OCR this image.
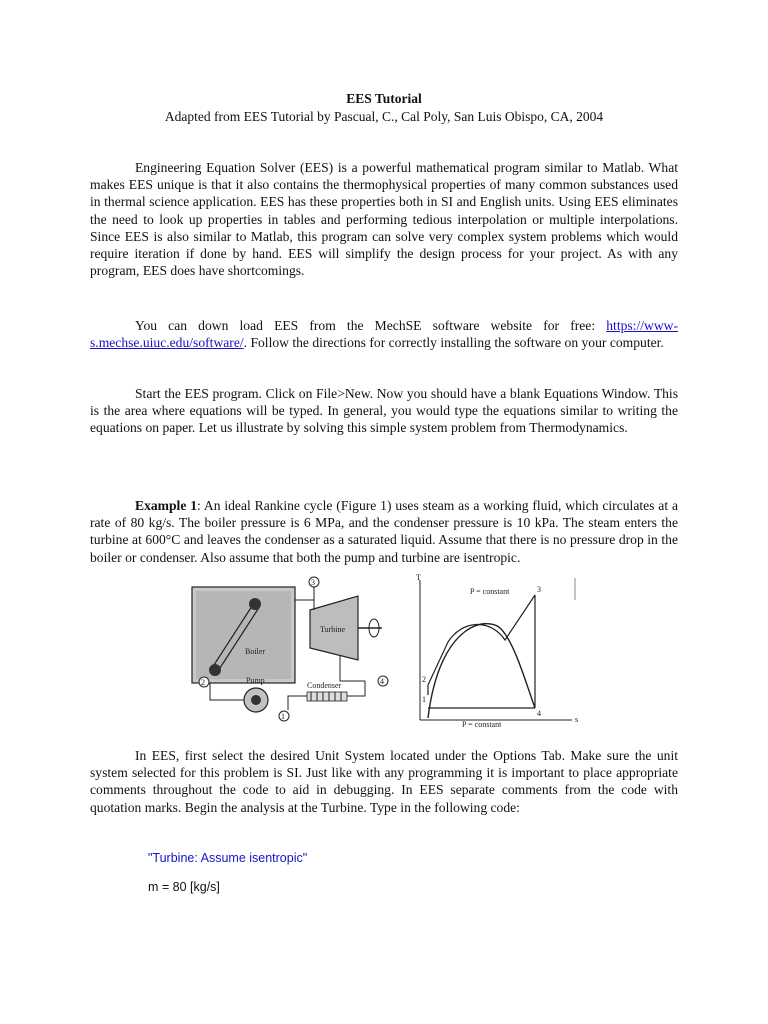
EES Tutorial
Adapted from EES Tutorial by Pascual, C., Cal Poly, San Luis Obispo, CA, 2004

Engineering Equation Solver (EES) is a powerful mathematical program similar to Matlab. What makes EES unique is that it also contains the thermophysical properties of many common substances used in thermal science application. EES has these properties both in SI and English units. Using EES eliminates the need to look up properties in tables and performing tedious interpolation or multiple interpolations. Since EES is also similar to Matlab, this program can solve very complex system problems which would require iteration if done by hand. EES will simplify the design process for your project. As with any program, EES does have shortcomings.

You can down load EES from the MechSE software website for free: https://www-s.mechse.uiuc.edu/software/. Follow the directions for correctly installing the software on your computer.

Start the EES program. Click on File>New. Now you should have a blank Equations Window. This is the area where equations will be typed. In general, you would type the equations similar to writing the equations on paper. Let us illustrate by solving this simple system problem from Thermodynamics.

Example 1: An ideal Rankine cycle (Figure 1) uses steam as a working fluid, which circulates at a rate of 80 kg/s. The boiler pressure is 6 MPa, and the condenser pressure is 10 kPa. The steam enters the turbine at 600°C and leaves the condenser as a saturated liquid. Assume that there is no pressure drop in the boiler or condenser. Also assume that both the pump and turbine are isentropic.

Boiler
Turbine
3
4
Condenser
1
Pump
2
T
s
3
4
2
1
P = constant
P = constant

In EES, first select the desired Unit System located under the Options Tab. Make sure the unit system selected for this problem is SI. Just like with any programming it is important to place appropriate comments throughout the code to aid in debugging. In EES separate comments from the code with quotation marks. Begin the analysis at the Turbine. Type in the following code:

"Turbine: Assume isentropic"
m = 80 [kg/s]
